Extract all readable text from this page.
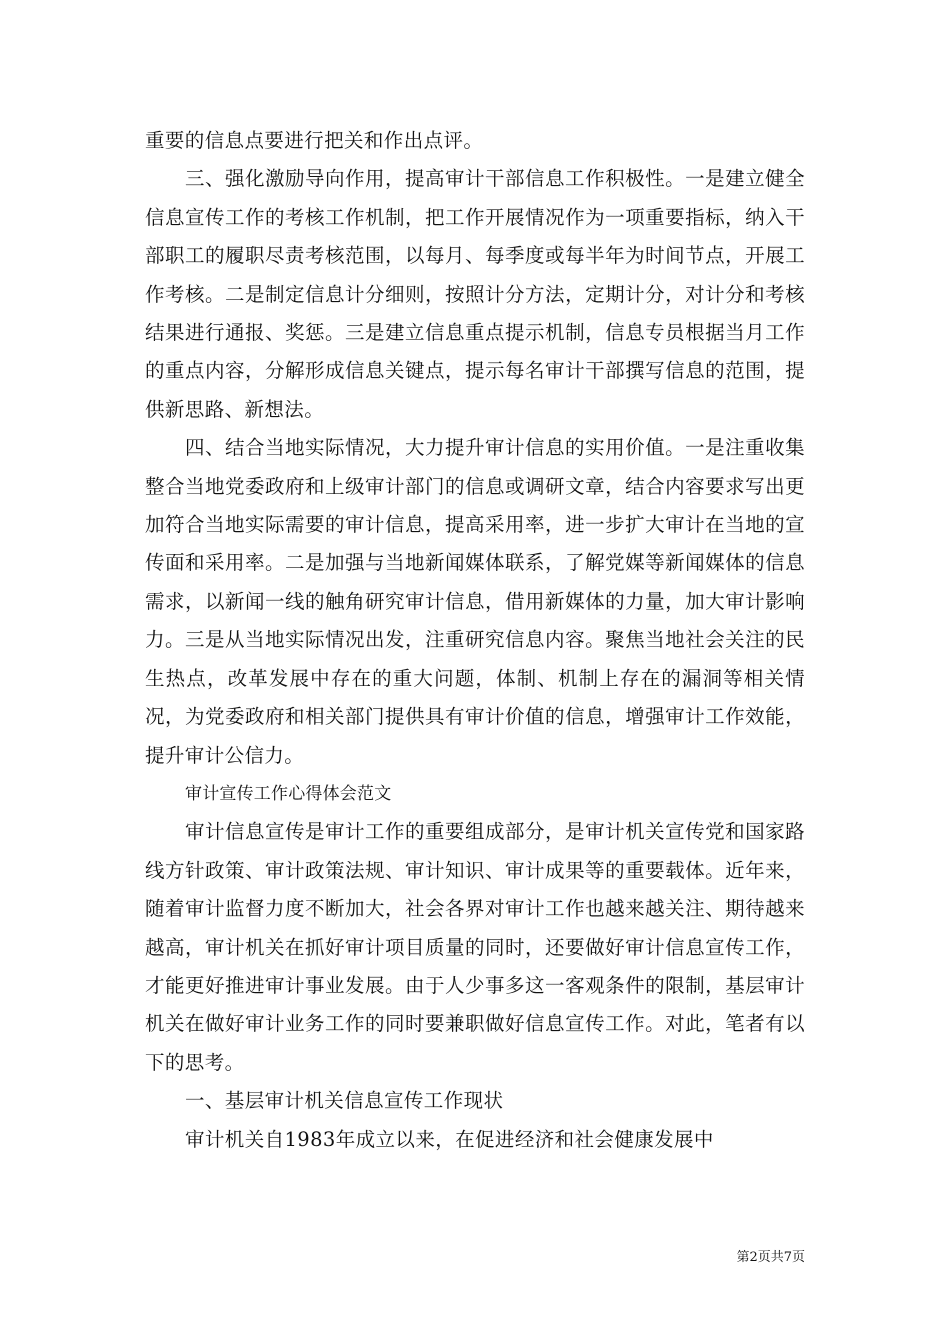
重要的信息点要进行把关和作出点评。

三、强化激励导向作用，提高审计干部信息工作积极性。一是建立健全信息宣传工作的考核工作机制，把工作开展情况作为一项重要指标，纳入干部职工的履职尽责考核范围，以每月、每季度或每半年为时间节点，开展工作考核。二是制定信息计分细则，按照计分方法，定期计分，对计分和考核结果进行通报、奖惩。三是建立信息重点提示机制，信息专员根据当月工作的重点内容，分解形成信息关键点，提示每名审计干部撰写信息的范围，提供新思路、新想法。

四、结合当地实际情况，大力提升审计信息的实用价值。一是注重收集整合当地党委政府和上级审计部门的信息或调研文章，结合内容要求写出更加符合当地实际需要的审计信息，提高采用率，进一步扩大审计在当地的宣传面和采用率。二是加强与当地新闻媒体联系，了解党媒等新闻媒体的信息需求，以新闻一线的触角研究审计信息，借用新媒体的力量，加大审计影响力。三是从当地实际情况出发，注重研究信息内容。聚焦当地社会关注的民生热点，改革发展中存在的重大问题，体制、机制上存在的漏洞等相关情况，为党委政府和相关部门提供具有审计价值的信息，增强审计工作效能，提升审计公信力。

审计宣传工作心得体会范文

审计信息宣传是审计工作的重要组成部分，是审计机关宣传党和国家路线方针政策、审计政策法规、审计知识、审计成果等的重要载体。近年来，随着审计监督力度不断加大，社会各界对审计工作也越来越关注、期待越来越高，审计机关在抓好审计项目质量的同时，还要做好审计信息宣传工作，才能更好推进审计事业发展。由于人少事多这一客观条件的限制，基层审计机关在做好审计业务工作的同时要兼职做好信息宣传工作。对此，笔者有以下的思考。

一、基层审计机关信息宣传工作现状

审计机关自1983年成立以来，在促进经济和社会健康发展中

第2页共7页
